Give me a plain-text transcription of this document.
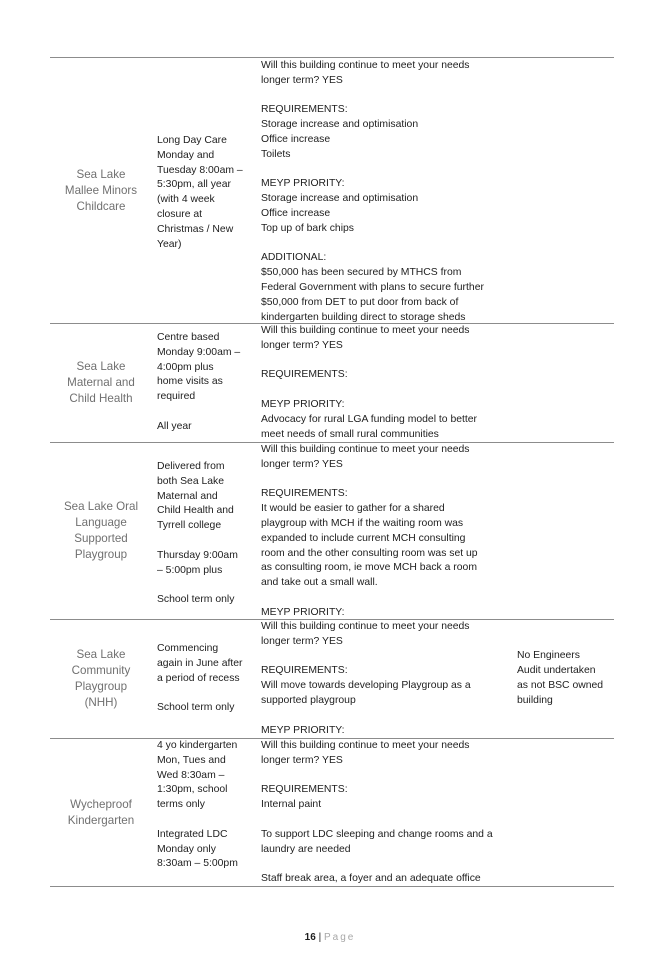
Sea Lake
Mallee Minors
Childcare

Long Day Care
Monday and
Tuesday 8:00am –
5:30pm, all year
(with 4 week
closure at
Christmas / New
Year)

Will this building continue to meet your needs
longer term? YES

REQUIREMENTS:
Storage increase and optimisation
Office increase
Toilets

MEYP PRIORITY:
Storage increase and optimisation
Office increase
Top up of bark chips

ADDITIONAL:
$50,000 has been secured by MTHCS from
Federal Government with plans to secure further
$50,000 from DET to put door from back of
kindergarten building direct to storage sheds

Sea Lake
Maternal and
Child Health

Centre based
Monday 9:00am –
4:00pm plus
home visits as
required

All year

Will this building continue to meet your needs
longer term? YES

REQUIREMENTS:

MEYP PRIORITY:
Advocacy for rural LGA funding model to better
meet needs of small rural communities

Sea Lake Oral
Language
Supported
Playgroup

Delivered from
both Sea Lake
Maternal and
Child Health and
Tyrrell college

Thursday 9:00am
– 5:00pm plus

School term only

Will this building continue to meet your needs
longer term? YES

REQUIREMENTS:
It would be easier to gather for a shared
playgroup with MCH if the waiting room was
expanded to include current MCH consulting
room and the other consulting room was set up
as consulting room, ie move MCH back a room
and take out a small wall.

MEYP PRIORITY:

Sea Lake
Community
Playgroup
(NHH)

Commencing
again in June after
a period of recess

School term only

Will this building continue to meet your needs
longer term? YES

REQUIREMENTS:
Will move towards developing Playgroup as a
supported playgroup

MEYP PRIORITY:

No Engineers
Audit undertaken
as not BSC owned
building
Wycheproof
Kindergarten

4 yo kindergarten
Mon, Tues and
Wed 8:30am –
1:30pm, school
terms only

Integrated LDC
Monday only
8:30am – 5:00pm

Will this building continue to meet your needs
longer term? YES

REQUIREMENTS:
Internal paint

To support LDC sleeping and change rooms and a
laundry are needed

Staff break area, a foyer and an adequate office

16 | Page
